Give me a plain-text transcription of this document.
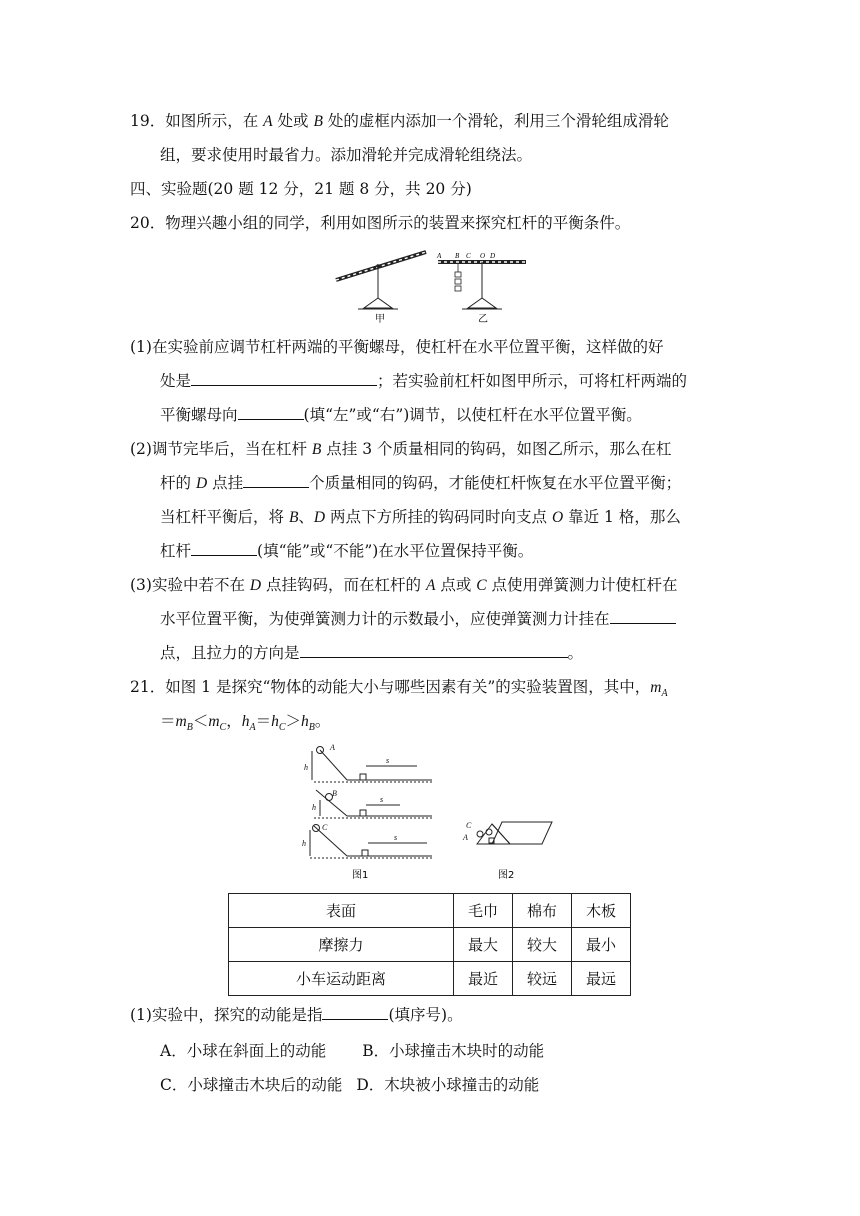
19．如图所示，在 A 处或 B 处的虚框内添加一个滑轮，利用三个滑轮组成滑轮
组，要求使用时最省力。添加滑轮并完成滑轮组绕法。
四、实验题(20 题 12 分，21 题 8 分，共 20 分)
20．物理兴趣小组的同学，利用如图所示的装置来探究杠杆的平衡条件。
甲
A B C O D
乙
(1)在实验前应调节杠杆两端的平衡螺母，使杠杆在水平位置平衡，这样做的好
处是	；若实验前杠杆如图甲所示，可将杠杆两端的
平衡螺母向	(填“左”或“右”)调节，以使杠杆在水平位置平衡。
(2)调节完毕后，当在杠杆 B 点挂 3 个质量相同的钩码，如图乙所示，那么在杠
杆的 D 点挂	个质量相同的钩码，才能使杠杆恢复在水平位置平衡；
当杠杆平衡后，将 B、D 两点下方所挂的钩码同时向支点 O 靠近 1 格，那么
杠杆	(填“能”或“不能”)在水平位置保持平衡。
(3)实验中若不在 D 点挂钩码，而在杠杆的 A 点或 C 点使用弹簧测力计使杠杆在
水平位置平衡，为使弹簧测力计的示数最小，应使弹簧测力计挂在
点，且拉力的方向是	。
21．如图 1 是探究“物体的动能大小与哪些因素有关”的实验装置图，其中，$m_A$
$=m_B<m_C$，$h_A=h_C>h_B$。
A
B
C
h
h
h
s
s
s
C
A
图1	图2
表面	毛巾	棉布	木板
摩擦力	最大	较大	最小
小车运动距离	最近	较远	最远
(1)实验中，探究的动能是指	(填序号)。
A．小球在斜面上的动能 B．小球撞击木块时的动能
C．小球撞击木块后的动能 D．木块被小球撞击的动能
